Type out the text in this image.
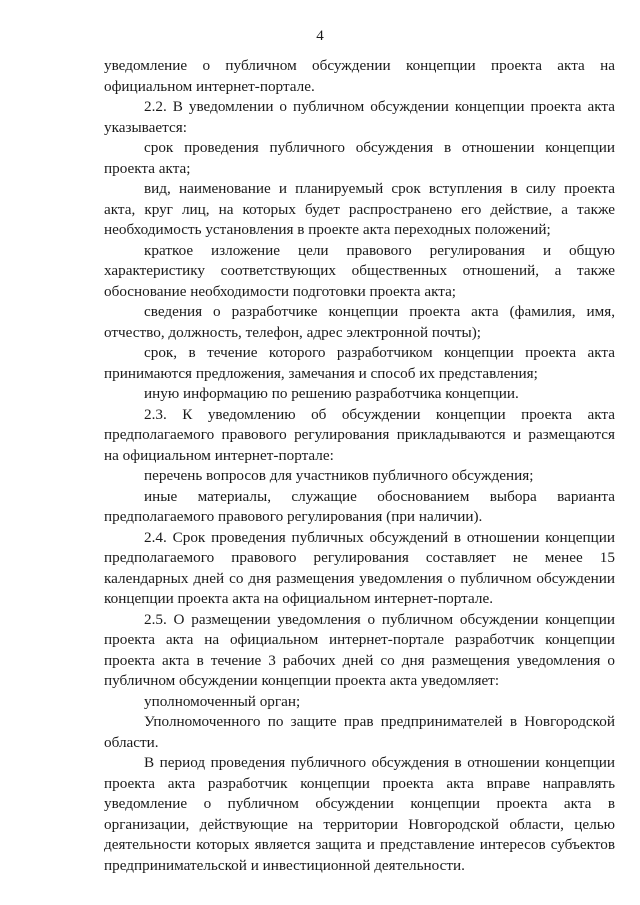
4

уведомление о публичном обсуждении концепции проекта акта на официальном интернет-портале.

2.2. В уведомлении о публичном обсуждении концепции проекта акта указывается:

срок проведения публичного обсуждения в отношении концепции проекта акта;

вид, наименование и планируемый срок вступления в силу проекта акта, круг лиц, на которых будет распространено его действие, а также необходимость установления в проекте акта переходных положений;

краткое изложение цели правового регулирования и общую характеристику соответствующих общественных отношений, а также обоснование необходимости подготовки проекта акта;

сведения о разработчике концепции проекта акта (фамилия, имя, отчество, должность, телефон, адрес электронной почты);

срок, в течение которого разработчиком концепции проекта акта принимаются предложения, замечания и способ их представления;

иную информацию по решению разработчика концепции.

2.3. К уведомлению об обсуждении концепции проекта акта предполагаемого правового регулирования прикладываются и размещаются на официальном интернет-портале:

перечень вопросов для участников публичного обсуждения;

иные материалы, служащие обоснованием выбора варианта предполагаемого правового регулирования (при наличии).

2.4. Срок проведения публичных обсуждений в отношении концепции предполагаемого правового регулирования составляет не менее 15 календарных дней со дня размещения уведомления о публичном обсуждении концепции проекта акта на официальном интернет-портале.

2.5. О размещении уведомления о публичном обсуждении концепции проекта акта на официальном интернет-портале разработчик концепции проекта акта в течение 3 рабочих дней со дня размещения уведомления о публичном обсуждении концепции проекта акта уведомляет:

уполномоченный орган;

Уполномоченного по защите прав предпринимателей в Новгородской области.

В период проведения публичного обсуждения в отношении концепции проекта акта разработчик концепции проекта акта вправе направлять уведомление о публичном обсуждении концепции проекта акта в организации, действующие на территории Новгородской области, целью деятельности которых является защита и представление интересов субъектов предпринимательской и инвестиционной деятельности.
